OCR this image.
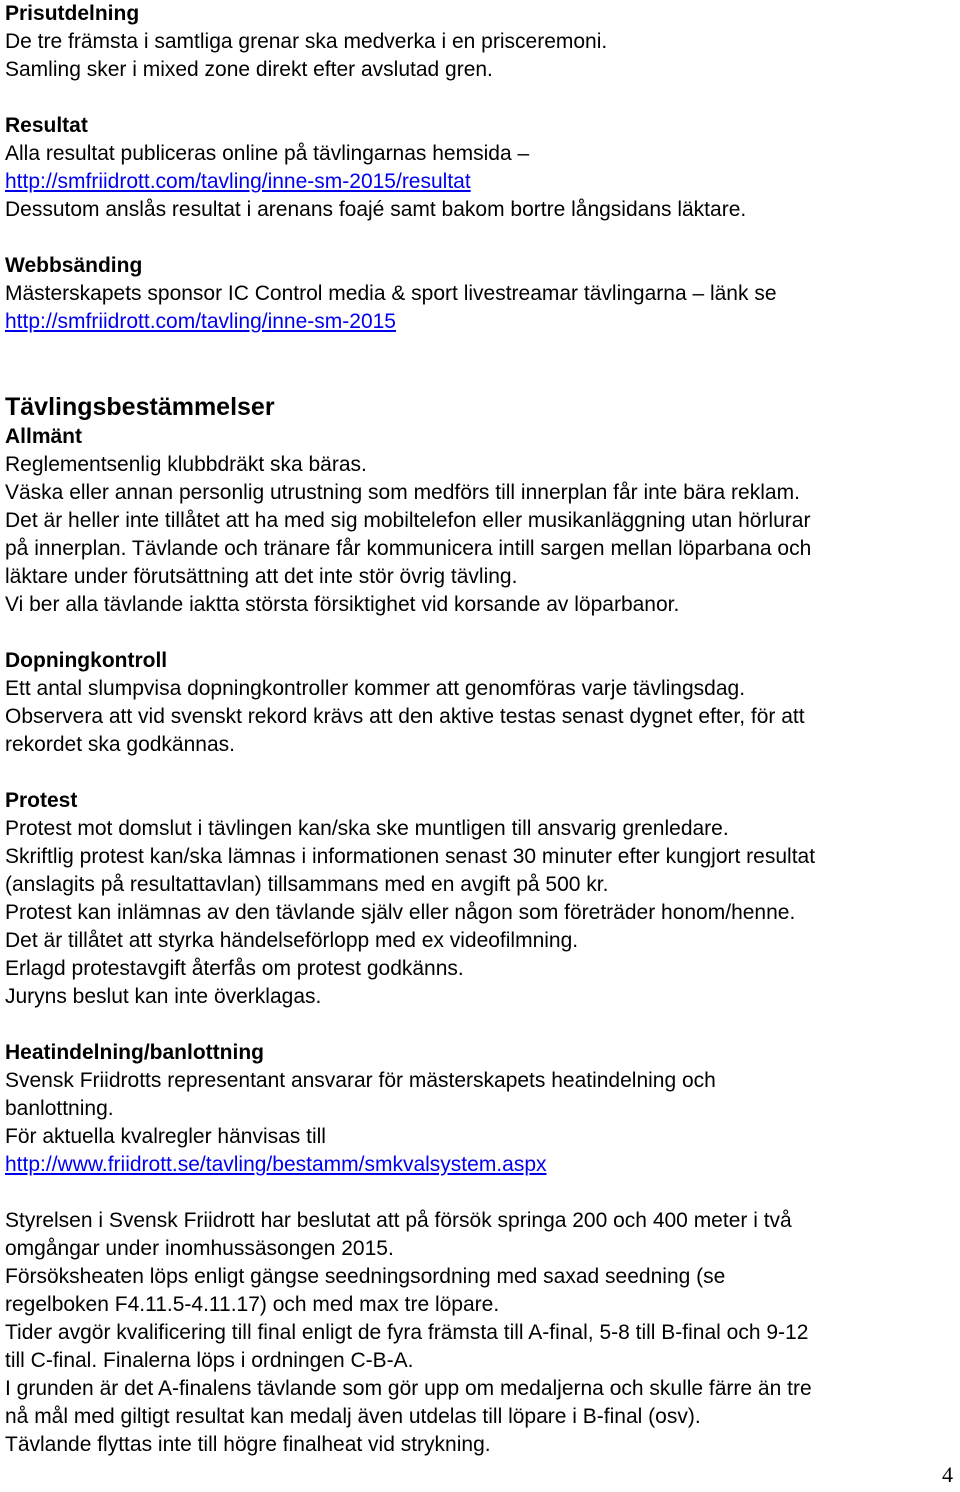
Prisutdelning
De tre främsta i samtliga grenar ska medverka i en prisceremoni.
Samling sker i mixed zone direkt efter avslutad gren.
Resultat
Alla resultat publiceras online på tävlingarnas hemsida –
http://smfriidrott.com/tavling/inne-sm-2015/resultat
Dessutom anslås resultat i arenans foajé samt bakom bortre långsidans läktare.
Webbsänding
Mästerskapets sponsor IC Control media & sport livestreamar tävlingarna – länk se
http://smfriidrott.com/tavling/inne-sm-2015
Tävlingsbestämmelser
Allmänt
Reglementsenlig klubbdräkt ska bäras.
Väska eller annan personlig utrustning som medförs till innerplan får inte bära reklam.
Det är heller inte tillåtet att ha med sig mobiltelefon eller musikanläggning utan hörlurar
på innerplan. Tävlande och tränare får kommunicera intill sargen mellan löparbana och
läktare under förutsättning att det inte stör övrig tävling.
Vi ber alla tävlande iaktta största försiktighet vid korsande av löparbanor.
Dopningkontroll
Ett antal slumpvisa dopningkontroller kommer att genomföras varje tävlingsdag.
Observera att vid svenskt rekord krävs att den aktive testas senast dygnet efter, för att
rekordet ska godkännas.
Protest
Protest mot domslut i tävlingen kan/ska ske muntligen till ansvarig grenledare.
Skriftlig protest kan/ska lämnas i informationen senast 30 minuter efter kungjort resultat
(anslagits på resultattavlan) tillsammans med en avgift på 500 kr.
Protest kan inlämnas av den tävlande själv eller någon som företräder honom/henne.
Det är tillåtet att styrka händelseförlopp med ex videofilmning.
Erlagd protestavgift återfås om protest godkänns.
Juryns beslut kan inte överklagas.
Heatindelning/banlottning
Svensk Friidrotts representant ansvarar för mästerskapets heatindelning och
banlottning.
För aktuella kvalregler hänvisas till
http://www.friidrott.se/tavling/bestamm/smkvalsystem.aspx
Styrelsen i Svensk Friidrott har beslutat att på försök springa 200 och 400 meter i två
omgångar under inomhussäsongen 2015.
Försöksheaten löps enligt gängse seedningsordning med saxad seedning (se
regelboken F4.11.5-4.11.17) och med max tre löpare.
Tider avgör kvalificering till final enligt de fyra främsta till A-final, 5-8 till B-final och 9-12
till C-final. Finalerna löps i ordningen C-B-A.
I grunden är det A-finalens tävlande som gör upp om medaljerna och skulle färre än tre
nå mål med giltigt resultat kan medalj även utdelas till löpare i B-final (osv).
Tävlande flyttas inte till högre finalheat vid strykning.
4
